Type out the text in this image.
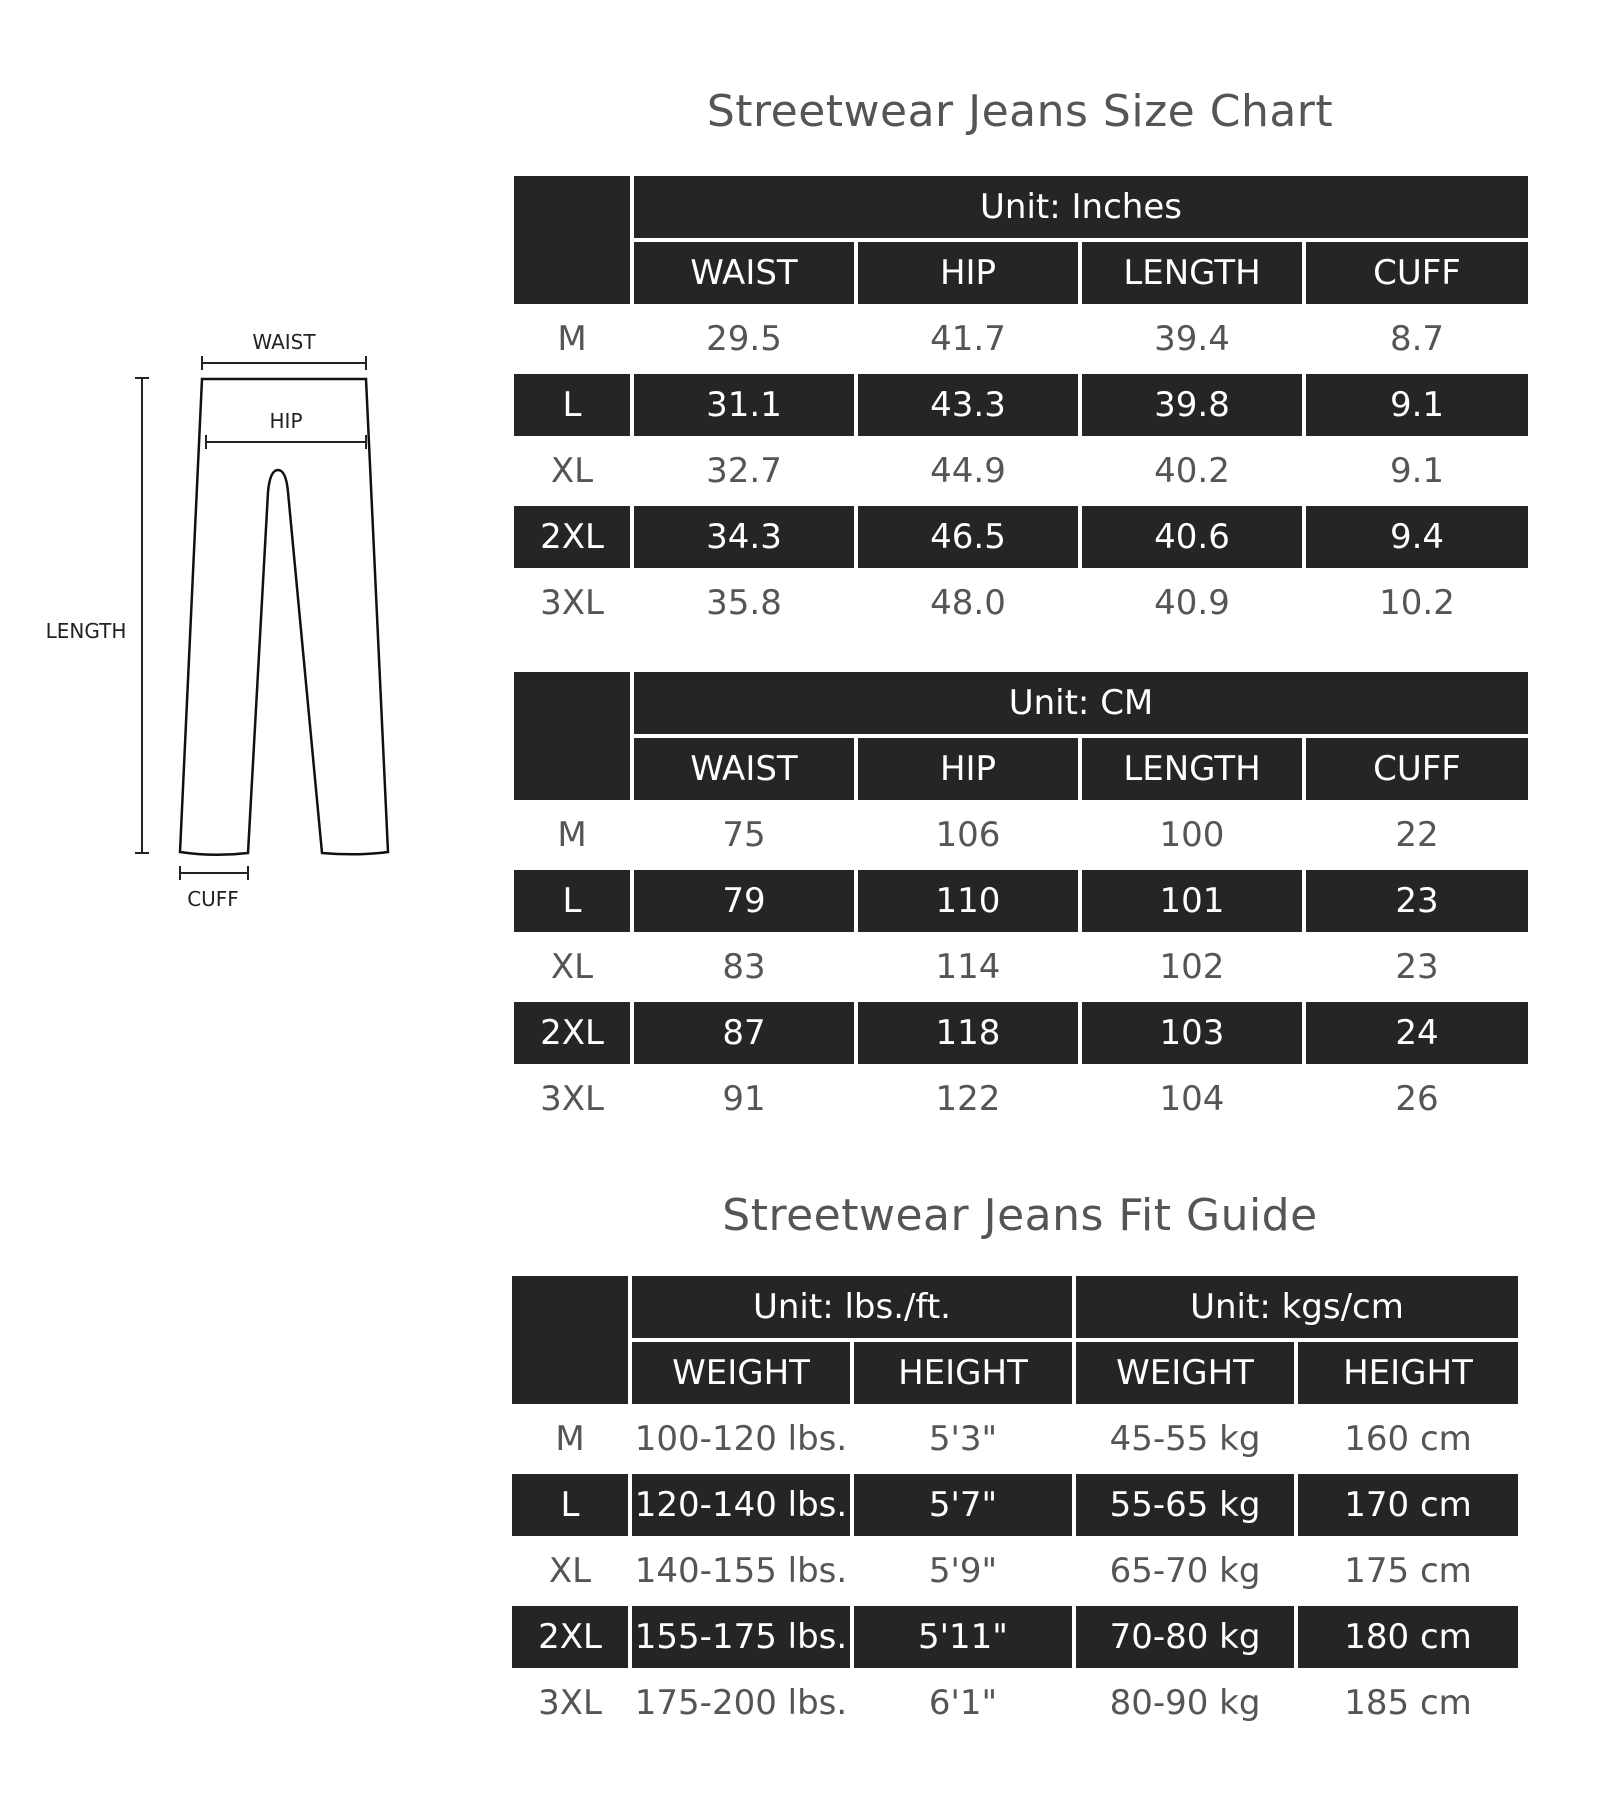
WAIST
HIP
LENGTH
CUFF
Streetwear Jeans Size Chart
Unit: Inches
WAIST	HIP	LENGTH	CUFF
M	29.5	41.7	39.4	8.7
L	31.1	43.3	39.8	9.1
XL	32.7	44.9	40.2	9.1
2XL	34.3	46.5	40.6	9.4
3XL	35.8	48.0	40.9	10.2
Unit: CM
WAIST	HIP	LENGTH	CUFF
M	75	106	100	22
L	79	110	101	23
XL	83	114	102	23
2XL	87	118	103	24
3XL	91	122	104	26
Streetwear Jeans Fit Guide
Unit: lbs./ft.	Unit: kgs/cm
WEIGHT	HEIGHT	WEIGHT	HEIGHT
M	100-120 lbs.	5'3"	45-55 kg	160 cm
L	120-140 lbs.	5'7"	55-65 kg	170 cm
XL	140-155 lbs.	5'9"	65-70 kg	175 cm
2XL 155-175 lbs.	5'11"	70-80 kg	180 cm
3XL 175-200 lbs.	6'1"	80-90 kg	185 cm
